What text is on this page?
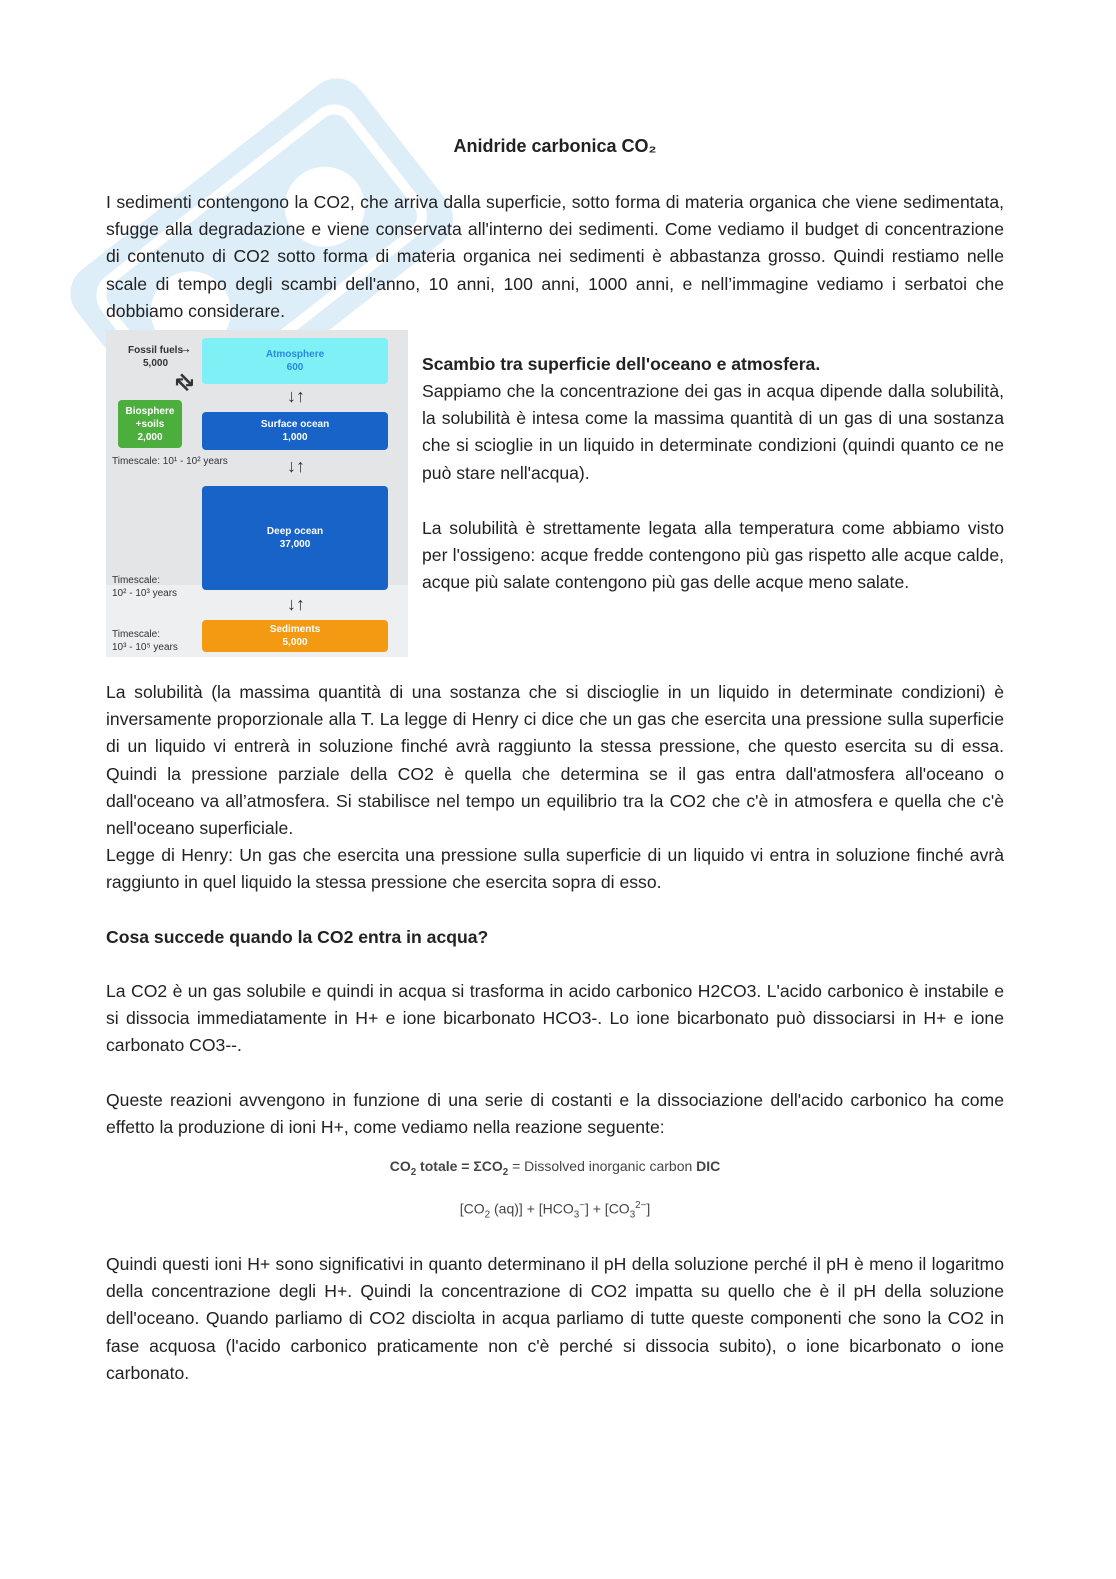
Anidride carbonica CO₂

I sedimenti contengono la CO2, che arriva dalla superficie, sotto forma di materia organica che viene sedimentata, sfugge alla degradazione e viene conservata all'interno dei sedimenti. Come vediamo il budget di concentrazione di contenuto di CO2 sotto forma di materia organica nei sedimenti è abbastanza grosso. Quindi restiamo nelle scale di tempo degli scambi dell'anno, 10 anni, 100 anni, 1000 anni, e nell’immagine vediamo i serbatoi che dobbiamo considerare.

Fossil fuels
5,000
→
⇅
Atmosphere
600
Biosphere
+soils
2,000
↓↑
Surface ocean
1,000
Timescale: 10¹ - 10² years	↓↑
Deep ocean
37,000
Timescale:
10² - 10³ years
↓↑
Sediments
5,000
Timescale:
10³ - 10⁵ years

Scambio tra superficie dell'oceano e atmosfera.

Sappiamo che la concentrazione dei gas in acqua dipende dalla solubilità, la solubilità è intesa come la massima quantità di un gas di una sostanza che si scioglie in un liquido in determinate condizioni (quindi quanto ce ne può stare nell'acqua).

La solubilità è strettamente legata alla temperatura come abbiamo visto per l'ossigeno: acque fredde contengono più gas rispetto alle acque calde, acque più salate contengono più gas delle acque meno salate.

La solubilità (la massima quantità di una sostanza che si discioglie in un liquido in determinate condizioni) è inversamente proporzionale alla T. La legge di Henry ci dice che un gas che esercita una pressione sulla superficie di un liquido vi entrerà in soluzione finché avrà raggiunto la stessa pressione, che questo esercita su di essa. Quindi la pressione parziale della CO2 è quella che determina se il gas entra dall'atmosfera all'oceano o dall'oceano va all’atmosfera. Si stabilisce nel tempo un equilibrio tra la CO2 che c'è in atmosfera e quella che c'è nell'oceano superficiale.

Legge di Henry: Un gas che esercita una pressione sulla superficie di un liquido vi entra in soluzione finché avrà raggiunto in quel liquido la stessa pressione che esercita sopra di esso.

Cosa succede quando la CO2 entra in acqua?

La CO2 è un gas solubile e quindi in acqua si trasforma in acido carbonico H2CO3. L'acido carbonico è instabile e si dissocia immediatamente in H+ e ione bicarbonato HCO3-. Lo ione bicarbonato può dissociarsi in H+ e ione carbonato CO3--.

Queste reazioni avvengono in funzione di una serie di costanti e la dissociazione dell'acido carbonico ha come effetto la produzione di ioni H+, come vediamo nella reazione seguente:

$CO_2$ totale = $\Sigma CO_2$ = Dissolved inorganic carbon DIC
[$CO_2$ $(aq)] + [HCO_3^-] + [CO_3^{2-}]$

Quindi questi ioni H+ sono significativi in quanto determinano il pH della soluzione perché il pH è meno il logaritmo della concentrazione degli H+. Quindi la concentrazione di CO2 impatta su quello che è il pH della soluzione dell'oceano. Quando parliamo di CO2 disciolta in acqua parliamo di tutte queste componenti che sono la CO2 in fase acquosa (l'acido carbonico praticamente non c'è perché si dissocia subito), o ione bicarbonato o ione carbonato.
